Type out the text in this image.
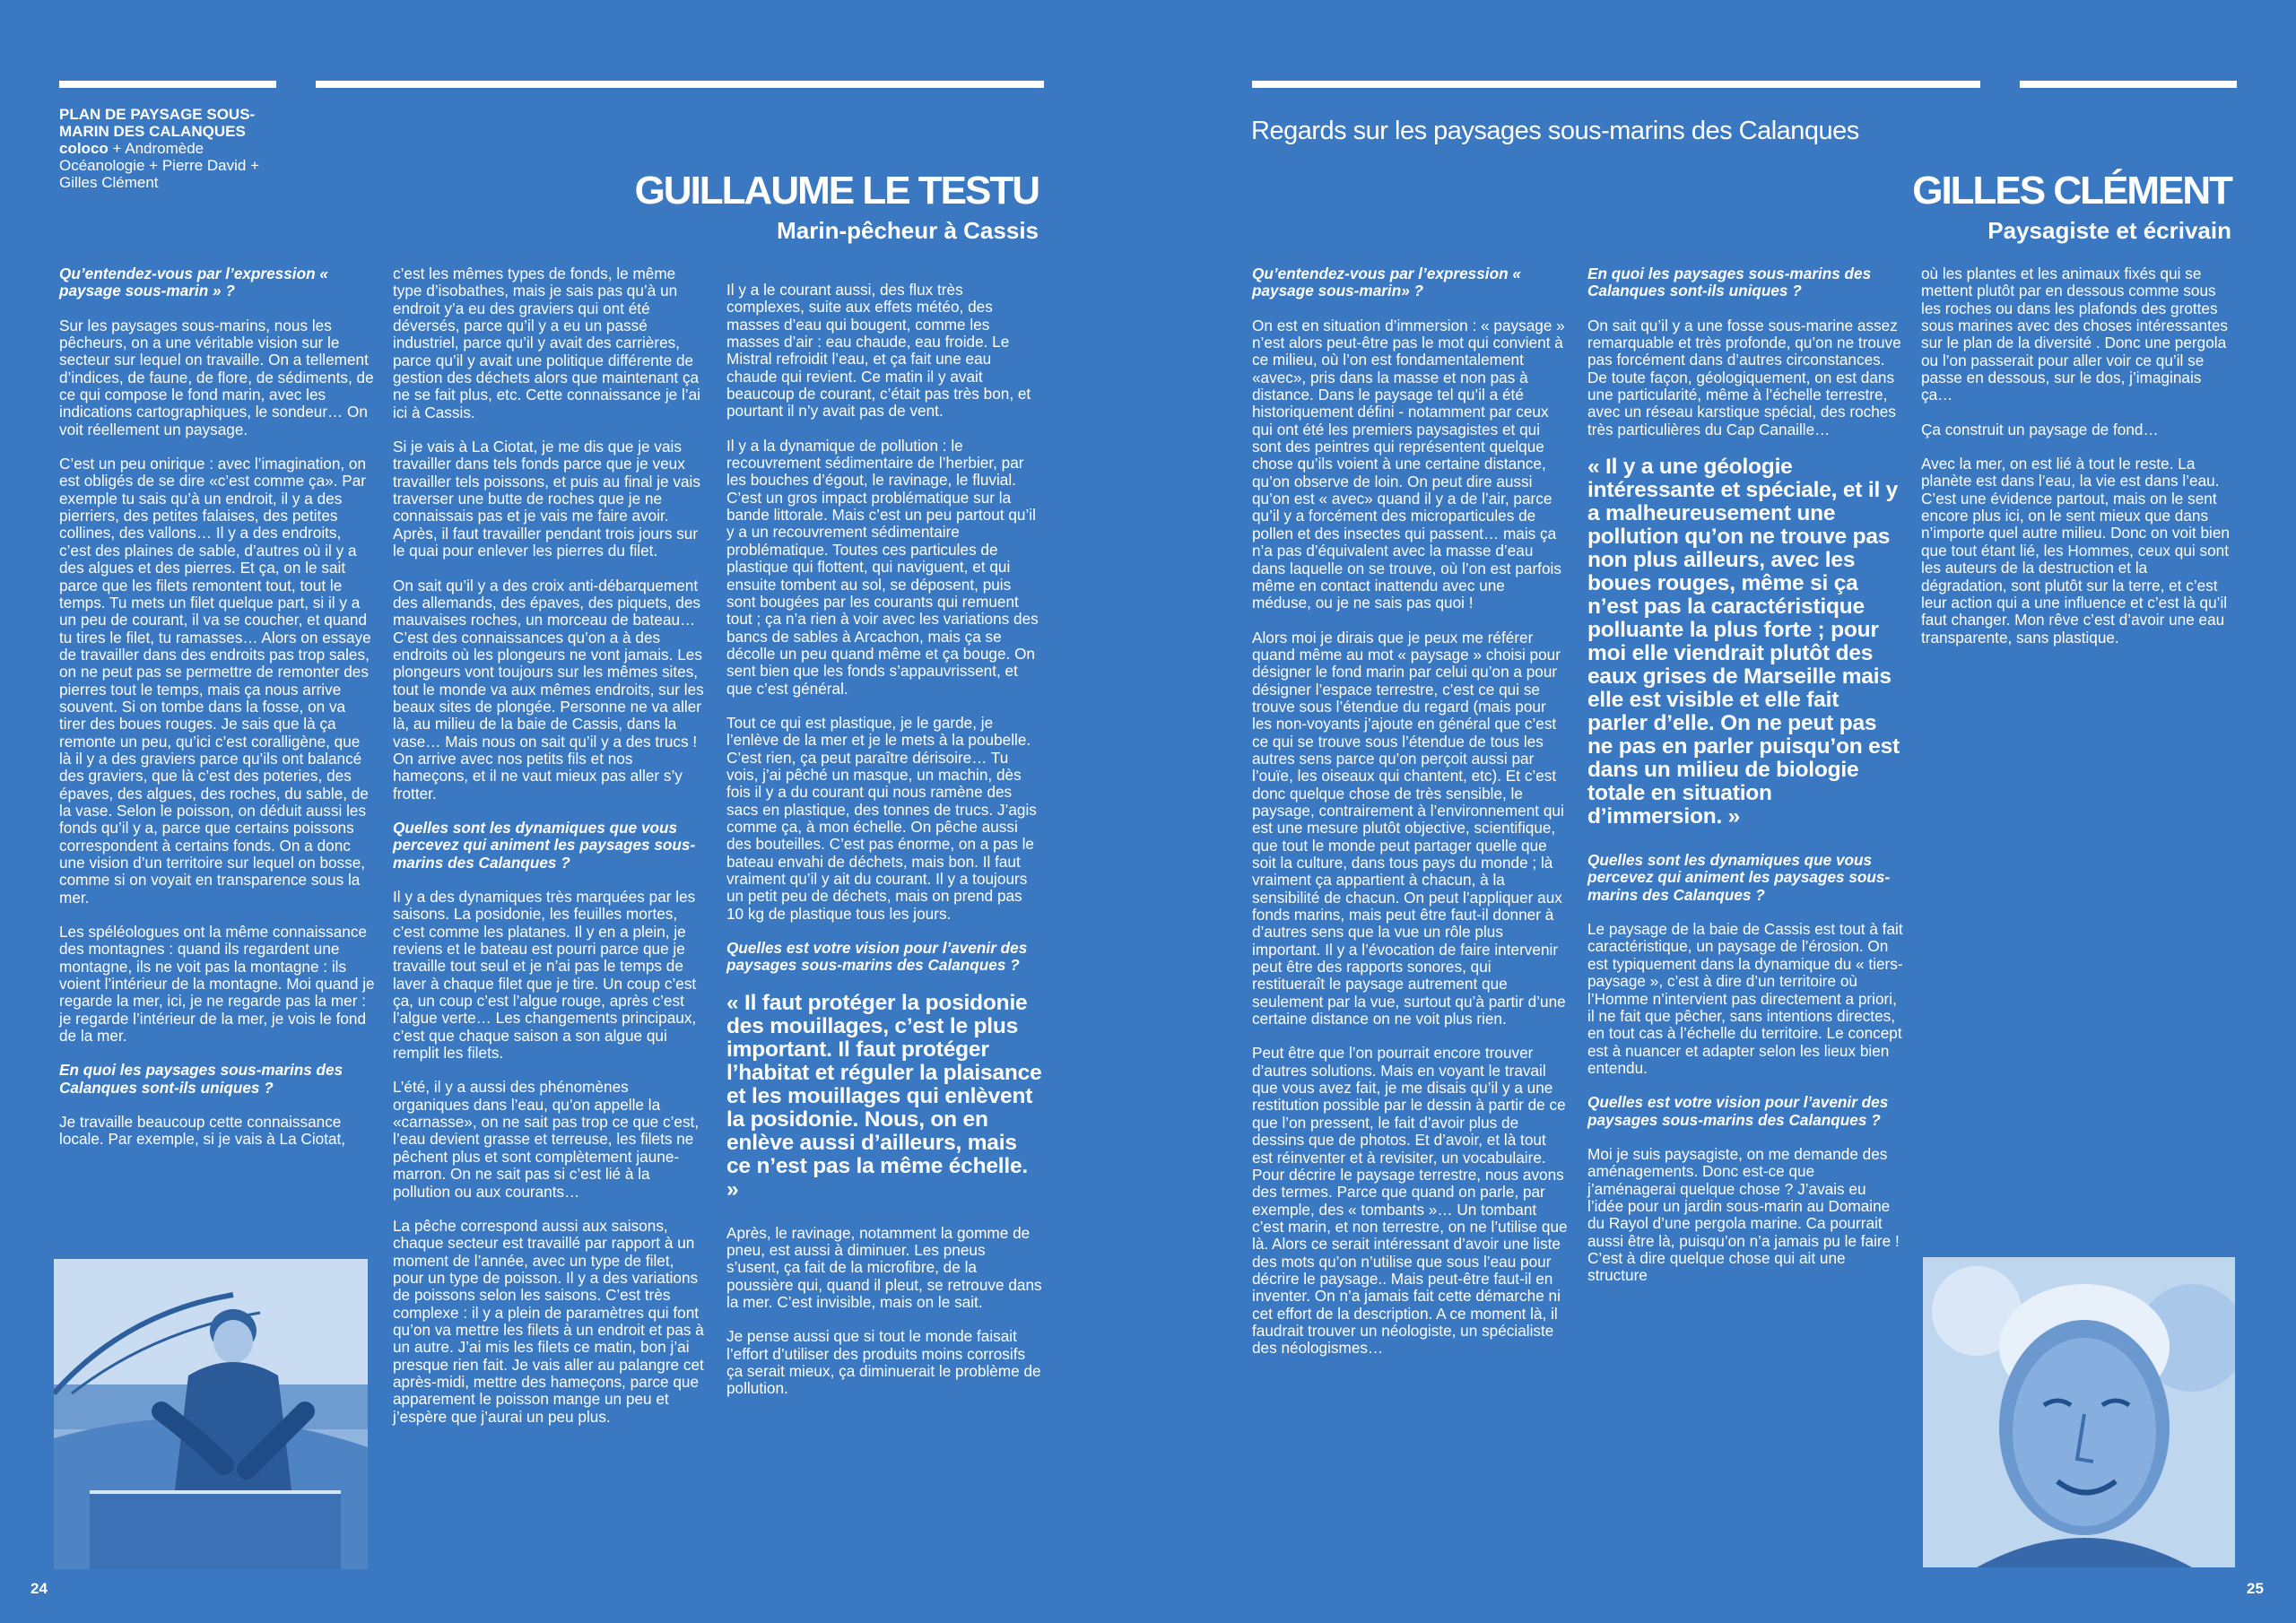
PLAN DE PAYSAGE SOUS-MARIN DES CALANQUES
coloco + Andromède Océanologie + Pierre David + Gilles Clément
Regards sur les paysages sous-marins des Calanques
GUILLAUME LE TESTU
Marin-pêcheur à Cassis
GILLES CLÉMENT
Paysagiste et écrivain

Qu’entendez-vous par l’expression « paysage sous-marin » ?

Sur les paysages sous-marins, nous les pêcheurs, on a une véritable vision sur le secteur sur lequel on travaille. On a tellement d’indices, de faune, de flore, de sédiments, de ce qui compose le fond marin, avec les indications cartographiques, le sondeur… On voit réellement un paysage.

C’est un peu onirique : avec l’imagination, on est obligés de se dire «c’est comme ça». Par exemple tu sais qu’à un endroit, il y a des pierriers, des petites falaises, des petites collines, des vallons… Il y a des endroits, c’est des plaines de sable, d’autres où il y a des algues et des pierres. Et ça, on le sait parce que les filets remontent tout, tout le temps. Tu mets un filet quelque part, si il y a un peu de courant, il va se coucher, et quand tu tires le filet, tu ramasses… Alors on essaye de travailler dans des endroits pas trop sales, on ne peut pas se permettre de remonter des pierres tout le temps, mais ça nous arrive souvent. Si on tombe dans la fosse, on va tirer des boues rouges. Je sais que là ça remonte un peu, qu’ici c’est coralligène, que là il y a des graviers parce qu’ils ont balancé des graviers, que là c’est des poteries, des épaves, des algues, des roches, du sable, de la vase. Selon le poisson, on déduit aussi les fonds qu’il y a, parce que certains poissons correspondent à certains fonds. On a donc une vision d’un territoire sur lequel on bosse, comme si on voyait en transparence sous la mer.

Les spéléologues ont la même connaissance des montagnes : quand ils regardent une montagne, ils ne voit pas la montagne : ils voient l’intérieur de la montagne. Moi quand je regarde la mer, ici, je ne regarde pas la mer : je regarde l’intérieur de la mer, je vois le fond de la mer.

En quoi les paysages sous-marins des Calanques sont-ils uniques ?

Je travaille beaucoup cette connaissance locale. Par exemple, si je vais à La Ciotat,

c’est les mêmes types de fonds, le même type d’isobathes, mais je sais pas qu’à un endroit y’a eu des graviers qui ont été déversés, parce qu’il y a eu un passé industriel, parce qu’il y avait des carrières, parce qu’il y avait une politique différente de gestion des déchets alors que maintenant ça ne se fait plus, etc. Cette connaissance je l’ai ici à Cassis.

Si je vais à La Ciotat, je me dis que je vais travailler dans tels fonds parce que je veux travailler tels poissons, et puis au final je vais traverser une butte de roches que je ne connaissais pas et je vais me faire avoir. Après, il faut travailler pendant trois jours sur le quai pour enlever les pierres du filet.

On sait qu’il y a des croix anti-débarquement des allemands, des épaves, des piquets, des mauvaises roches, un morceau de bateau… C’est des connaissances qu’on a à des endroits où les plongeurs ne vont jamais. Les plongeurs vont toujours sur les mêmes sites, tout le monde va aux mêmes endroits, sur les beaux sites de plongée. Personne ne va aller là, au milieu de la baie de Cassis, dans la vase… Mais nous on sait qu’il y a des trucs ! On arrive avec nos petits fils et nos hameçons, et il ne vaut mieux pas aller s’y frotter.

Quelles sont les dynamiques que vous percevez qui animent les paysages sous-marins des Calanques ?

Il y a des dynamiques très marquées par les saisons. La posidonie, les feuilles mortes, c’est comme les platanes. Il y en a plein, je reviens et le bateau est pourri parce que je travaille tout seul et je n’ai pas le temps de laver à chaque filet que je tire. Un coup c’est ça, un coup c’est l’algue rouge, après c’est l’algue verte… Les changements principaux, c’est que chaque saison a son algue qui remplit les filets.

L’été, il y a aussi des phénomènes organiques dans l’eau, qu’on appelle la «carnasse», on ne sait pas trop ce que c’est, l’eau devient grasse et terreuse, les filets ne pêchent plus et sont complètement jaune-marron. On ne sait pas si c’est lié à la pollution ou aux courants…

La pêche correspond aussi aux saisons, chaque secteur est travaillé par rapport à un moment de l’année, avec un type de filet, pour un type de poisson. Il y a des variations de poissons selon les saisons. C’est très complexe : il y a plein de paramètres qui font qu’on va mettre les filets à un endroit et pas à un autre. J’ai mis les filets ce matin, bon j’ai presque rien fait. Je vais aller au palangre cet après-midi, mettre des hameçons, parce que apparement le poisson mange un peu et j’espère que j’aurai un peu plus.

Il y a le courant aussi, des flux très complexes, suite aux effets météo, des masses d’eau qui bougent, comme les masses d’air : eau chaude, eau froide. Le Mistral refroidit l’eau, et ça fait une eau chaude qui revient. Ce matin il y avait beaucoup de courant, c’était pas très bon, et pourtant il n’y avait pas de vent.

Il y a la dynamique de pollution : le recouvrement sédimentaire de l’herbier, par les bouches d’égout, le ravinage, le fluvial. C’est un gros impact problématique sur la bande littorale. Mais c’est un peu partout qu’il y a un recouvrement sédimentaire problématique. Toutes ces particules de plastique qui flottent, qui naviguent, et qui ensuite tombent au sol, se déposent, puis sont bougées par les courants qui remuent tout ; ça n’a rien à voir avec les variations des bancs de sables à Arcachon, mais ça se décolle un peu quand même et ça bouge. On sent bien que les fonds s’appauvrissent, et que c’est général.

Tout ce qui est plastique, je le garde, je l’enlève de la mer et je le mets à la poubelle. C’est rien, ça peut paraître dérisoire… Tu vois, j’ai pêché un masque, un machin, dès fois il y a du courant qui nous ramène des sacs en plastique, des tonnes de trucs. J’agis comme ça, à mon échelle. On pêche aussi des bouteilles. C’est pas énorme, on a pas le bateau envahi de déchets, mais bon. Il faut vraiment qu’il y ait du courant. Il y a toujours un petit peu de déchets, mais on prend pas 10 kg de plastique tous les jours.

Quelles est votre vision pour l’avenir des paysages sous-marins des Calanques ?

« Il faut protéger la posidonie des mouillages, c’est le plus important. Il faut protéger l’habitat et réguler la plaisance et les mouillages qui enlèvent la posidonie. Nous, on en enlève aussi d’ailleurs, mais ce n’est pas la même échelle. »

Après, le ravinage, notamment la gomme de pneu, est aussi à diminuer. Les pneus s’usent, ça fait de la microfibre, de la poussière qui, quand il pleut, se retrouve dans la mer. C’est invisible, mais on le sait.

Je pense aussi que si tout le monde faisait l’effort d’utiliser des produits moins corrosifs ça serait mieux, ça diminuerait le problème de pollution.

Qu’entendez-vous par l’expression « paysage sous-marin» ?

On est en situation d’immersion : « paysage » n’est alors peut-être pas le mot qui convient à ce milieu, où l’on est fondamentalement «avec», pris dans la masse et non pas à distance. Dans le paysage tel qu’il a été historiquement défini - notamment par ceux qui ont été les premiers paysagistes et qui sont des peintres qui représentent quelque chose qu’ils voient à une certaine distance, qu’on observe de loin. On peut dire aussi qu’on est « avec» quand il y a de l’air, parce qu’il y a forcément des microparticules de pollen et des insectes qui passent… mais ça n’a pas d’équivalent avec la masse d’eau dans laquelle on se trouve, où l’on est parfois même en contact inattendu avec une méduse, ou je ne sais pas quoi !

Alors moi je dirais que je peux me référer quand même au mot « paysage » choisi pour désigner le fond marin par celui qu’on a pour désigner l’espace terrestre, c’est ce qui se trouve sous l’étendue du regard (mais pour les non-voyants j’ajoute en général que c’est ce qui se trouve sous l’étendue de tous les autres sens parce qu’on perçoit aussi par l’ouïe, les oiseaux qui chantent, etc). Et c’est donc quelque chose de très sensible, le paysage, contrairement à l’environnement qui est une mesure plutôt objective, scientifique, que tout le monde peut partager quelle que soit la culture, dans tous pays du monde ; là vraiment ça appartient à chacun, à la sensibilité de chacun. On peut l’appliquer aux fonds marins, mais peut être faut-il donner à d’autres sens que la vue un rôle plus important. Il y a l’évocation de faire intervenir peut être des rapports sonores, qui restitueraît le paysage autrement que seulement par la vue, surtout qu’à partir d’une certaine distance on ne voit plus rien.

Peut être que l’on pourrait encore trouver d’autres solutions. Mais en voyant le travail que vous avez fait, je me disais qu’il y a une restitution possible par le dessin à partir de ce que l’on pressent, le fait d’avoir plus de dessins que de photos. Et d’avoir, et là tout est réinventer et à revisiter, un vocabulaire. Pour décrire le paysage terrestre, nous avons des termes. Parce que quand on parle, par exemple, des « tombants »… Un tombant c’est marin, et non terrestre, on ne l’utilise que là. Alors ce serait intéressant d’avoir une liste des mots qu’on n’utilise que sous l’eau pour décrire le paysage.. Mais peut-être faut-il en inventer. On n’a jamais fait cette démarche ni cet effort de la description. A ce moment là, il faudrait trouver un néologiste, un spécialiste des néologismes…

En quoi les paysages sous-marins des Calanques sont-ils uniques ?

On sait qu’il y a une fosse sous-marine assez remarquable et très profonde, qu’on ne trouve pas forcément dans d’autres circonstances. De toute façon, géologiquement, on est dans une particularité, même à l’échelle terrestre, avec un réseau karstique spécial, des roches très particulières du Cap Canaille…

« Il y a une géologie intéressante et spéciale, et il y a malheureusement une pollution qu’on ne trouve pas non plus ailleurs, avec les boues rouges, même si ça n’est pas la caractéristique polluante la plus forte ; pour moi elle viendrait plutôt des eaux grises de Marseille mais elle est visible et elle fait parler d’elle. On ne peut pas ne pas en parler puisqu’on est dans un milieu de biologie totale en situation d’immersion. »

Quelles sont les dynamiques que vous percevez qui animent les paysages sous-marins des Calanques ?

Le paysage de la baie de Cassis est tout à fait caractéristique, un paysage de l’érosion. On est typiquement dans la dynamique du « tiers-paysage », c’est à dire d’un territoire où l’Homme n’intervient pas directement a priori, il ne fait que pêcher, sans intentions directes, en tout cas à l’échelle du territoire. Le concept est à nuancer et adapter selon les lieux bien entendu.

Quelles est votre vision pour l’avenir des paysages sous-marins des Calanques ?

Moi je suis paysagiste, on me demande des aménagements. Donc est-ce que j’aménagerai quelque chose ? J’avais eu l’idée pour un jardin sous-marin au Domaine du Rayol d’une pergola marine. Ca pourrait aussi être là, puisqu’on n’a jamais pu le faire ! C’est à dire quelque chose qui ait une structure

où les plantes et les animaux fixés qui se mettent plutôt par en dessous comme sous les roches ou dans les plafonds des grottes sous marines avec des choses intéressantes sur le plan de la diversité . Donc une pergola ou l’on passerait pour aller voir ce qu’il se passe en dessous, sur le dos, j’imaginais ça…

Ça construit un paysage de fond…

Avec la mer, on est lié à tout le reste. La planète est dans l’eau, la vie est dans l’eau. C’est une évidence partout, mais on le sent encore plus ici, on le sent mieux que dans n’importe quel autre milieu. Donc on voit bien que tout étant lié, les Hommes, ceux qui sont les auteurs de la destruction et la dégradation, sont plutôt sur la terre, et c’est leur action qui a une influence et c’est là qu’il faut changer. Mon rêve c’est d’avoir une eau transparente, sans plastique.

24	25
